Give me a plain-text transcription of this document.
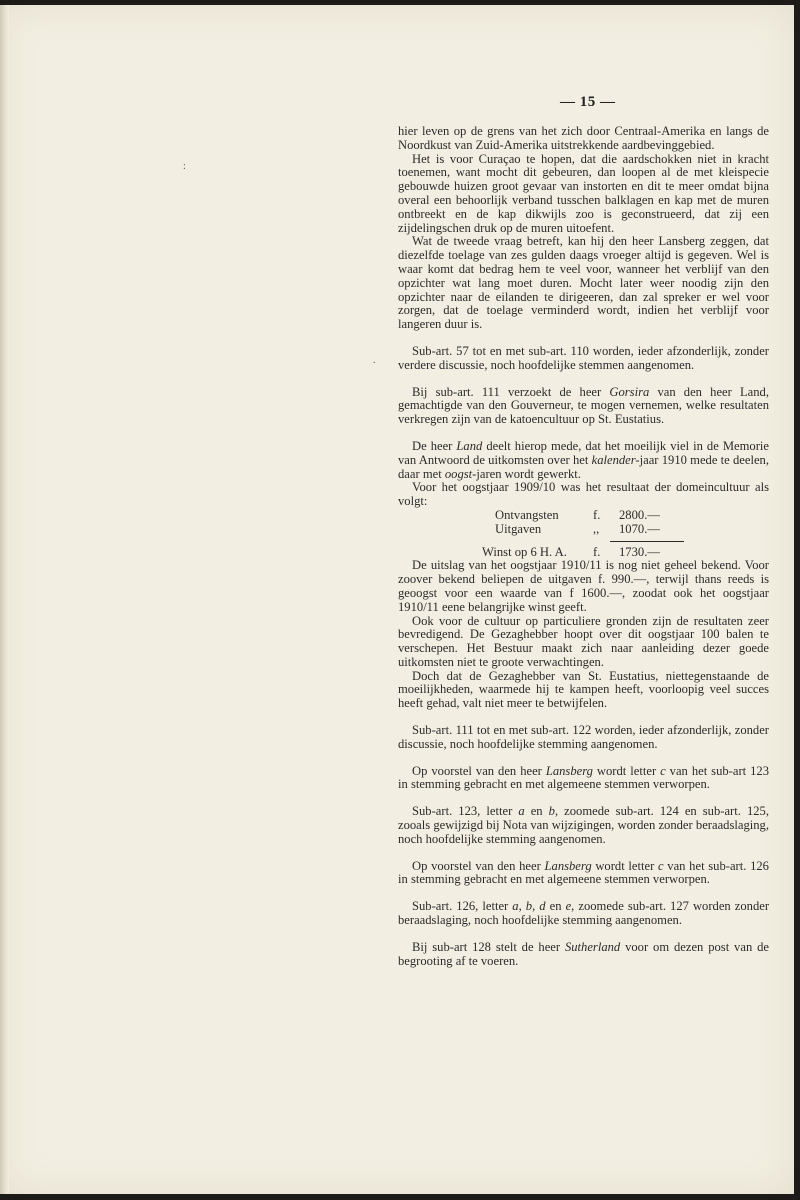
— 15 —
:
.

hier leven op de grens van het zich door Centraal-Amerika en langs de Noordkust van Zuid-Amerika uitstrekkende aardbevinggebied.

Het is voor Curaçao te hopen, dat die aardschokken niet in kracht toenemen, want mocht dit gebeuren, dan loopen al de met kleispecie gebouwde huizen groot gevaar van instorten en dit te meer omdat bijna overal een behoorlijk verband tusschen balklagen en kap met de muren ontbreekt en de kap dikwijls zoo is geconstrueerd, dat zij een zijdelingschen druk op de muren uitoefent.

Wat de tweede vraag betreft, kan hij den heer Lansberg zeggen, dat diezelfde toelage van zes gulden daags vroeger altijd is gegeven. Wel is waar komt dat bedrag hem te veel voor, wanneer het verblijf van den opzichter wat lang moet duren. Mocht later weer noodig zijn den opzichter naar de eilanden te dirigeeren, dan zal spreker er wel voor zorgen, dat de toelage verminderd wordt, indien het verblijf voor langeren duur is.

Sub-art. 57 tot en met sub-art. 110 worden, ieder afzonderlijk, zonder verdere discussie, noch hoofdelijke stemmen aangenomen.

Bij sub-art. 111 verzoekt de heer Gorsira van den heer Land, gemachtigde van den Gouverneur, te mogen vernemen, welke resultaten verkregen zijn van de katoencultuur op St. Eustatius.

De heer Land deelt hierop mede, dat het moeilijk viel in de Memorie van Antwoord de uitkomsten over het kalender-jaar 1910 mede te deelen, daar met oogst-jaren wordt gewerkt.

Voor het oogstjaar 1909/10 was het resultaat der domeincultuur als volgt:

Ontvangsten	f.	2800.—
Uitgaven	,,	1070.—
Winst op 6 H. A.	f.	1730.—

De uitslag van het oogstjaar 1910/11 is nog niet geheel bekend. Voor zoover bekend beliepen de uitgaven f. 990.—, terwijl thans reeds is geoogst voor een waarde van f 1600.—, zoodat ook het oogstjaar 1910/11 eene belangrijke winst geeft.

Ook voor de cultuur op particuliere gronden zijn de resultaten zeer bevredigend. De Gezaghebber hoopt over dit oogstjaar 100 balen te verschepen. Het Bestuur maakt zich naar aanleiding dezer goede uitkomsten niet te groote verwachtingen.

Doch dat de Gezaghebber van St. Eustatius, niettegenstaande de moeilijkheden, waarmede hij te kampen heeft, voorloopig veel succes heeft gehad, valt niet meer te betwijfelen.

Sub-art. 111 tot en met sub-art. 122 worden, ieder afzonderlijk, zonder discussie, noch hoofdelijke stemming aangenomen.

Op voorstel van den heer Lansberg wordt letter c van het sub-art 123 in stemming gebracht en met algemeene stemmen verworpen.

Sub-art. 123, letter a en b, zoomede sub-art. 124 en sub-art. 125, zooals gewijzigd bij Nota van wijzigingen, worden zonder beraadslaging, noch hoofdelijke stemming aangenomen.

Op voorstel van den heer Lansberg wordt letter c van het sub-art. 126 in stemming gebracht en met algemeene stemmen verworpen.

Sub-art. 126, letter a, b, d en e, zoomede sub-art. 127 worden zonder beraadslaging, noch hoofdelijke stemming aangenomen.

Bij sub-art 128 stelt de heer Sutherland voor om dezen post van de begrooting af te voeren.
